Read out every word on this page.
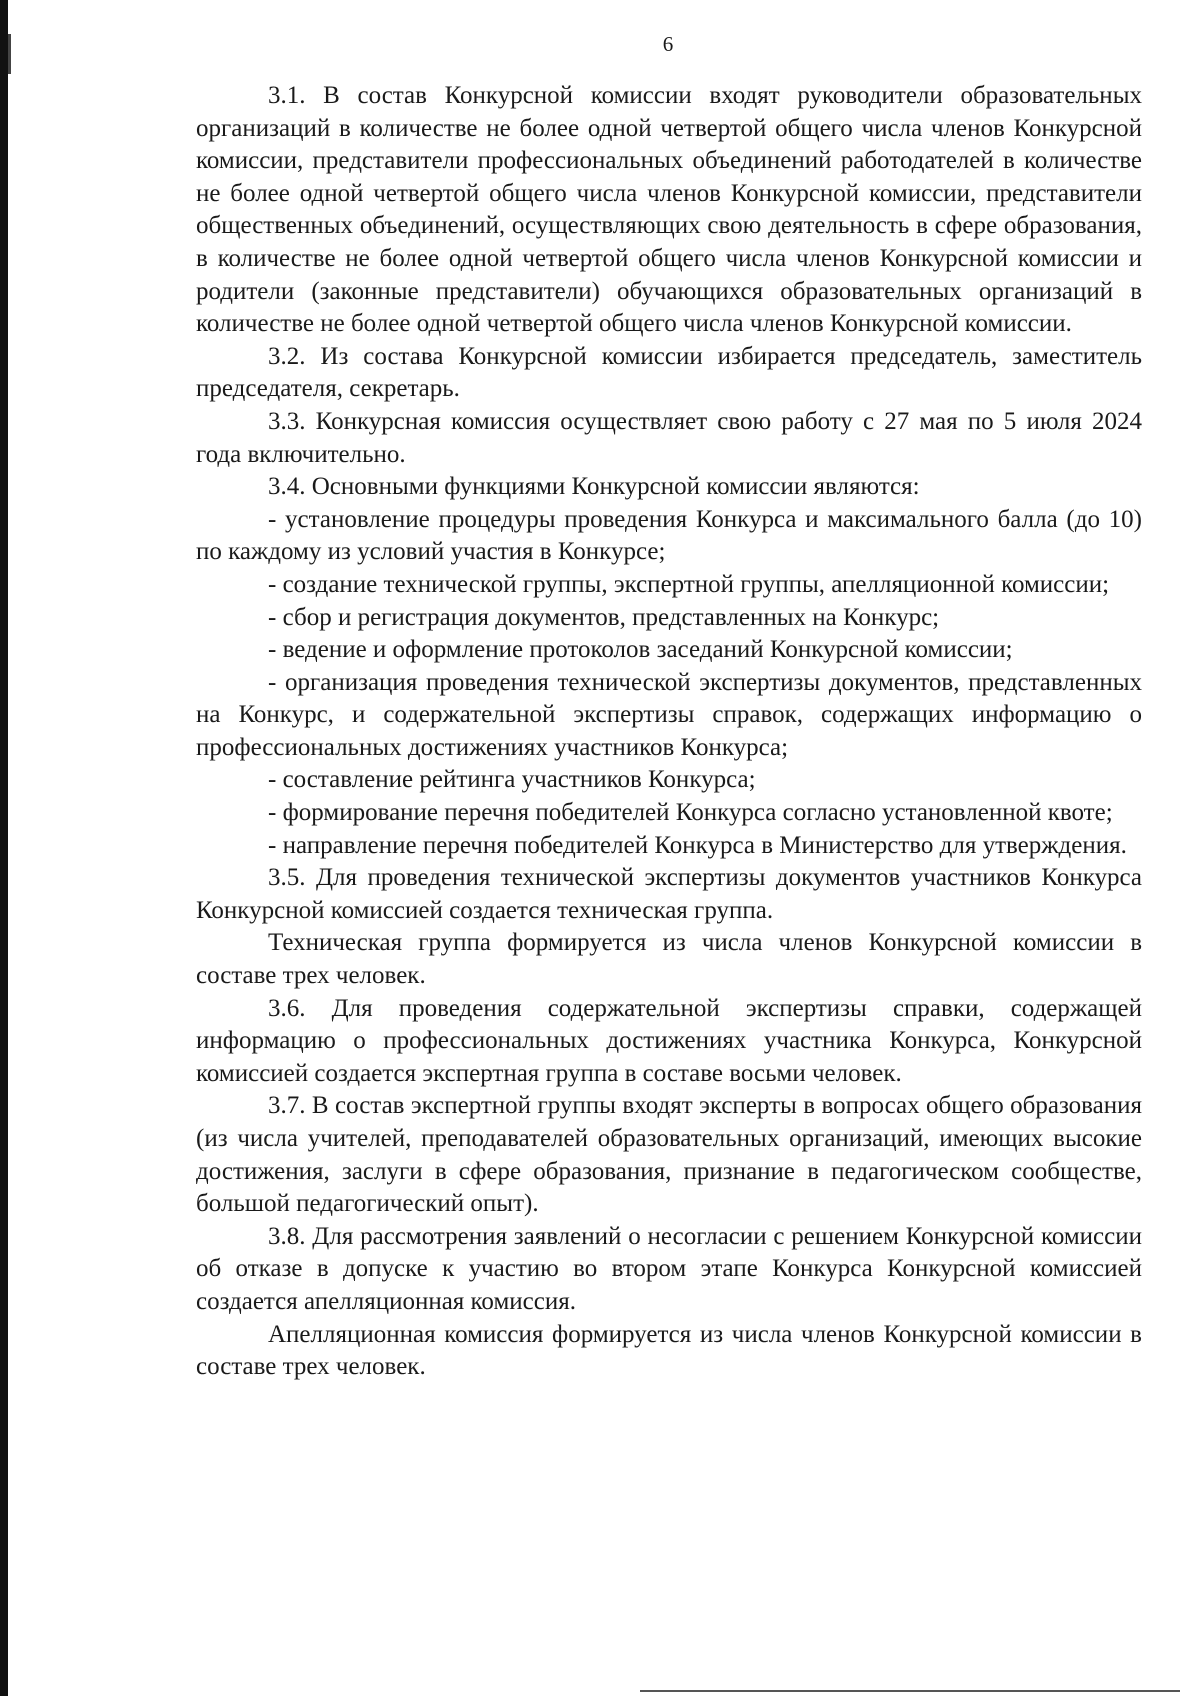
6

3.1. В состав Конкурсной комиссии входят руководители образовательных организаций в количестве не более одной четвертой общего числа членов Конкурсной комиссии, представители профессиональных объединений работодателей в количестве не более одной четвертой общего числа членов Конкурсной комиссии, представители общественных объединений, осуществляющих свою деятельность в сфере образования, в количестве не более одной четвертой общего числа членов Конкурсной комиссии и родители (законные представители) обучающихся образовательных организаций в количестве не более одной четвертой общего числа членов Конкурсной комиссии.

3.2. Из состава Конкурсной комиссии избирается председатель, заместитель председателя, секретарь.

3.3. Конкурсная комиссия осуществляет свою работу с 27 мая по 5 июля 2024 года включительно.

3.4. Основными функциями Конкурсной комиссии являются:

- установление процедуры проведения Конкурса и максимального балла (до 10) по каждому из условий участия в Конкурсе;

- создание технической группы, экспертной группы, апелляционной комиссии;

- сбор и регистрация документов, представленных на Конкурс;

- ведение и оформление протоколов заседаний Конкурсной комиссии;

- организация проведения технической экспертизы документов, представленных на Конкурс, и содержательной экспертизы справок, содержащих информацию о профессиональных достижениях участников Конкурса;

- составление рейтинга участников Конкурса;

- формирование перечня победителей Конкурса согласно установленной квоте;

- направление перечня победителей Конкурса в Министерство для утверждения.

3.5. Для проведения технической экспертизы документов участников Конкурса Конкурсной комиссией создается техническая группа.

Техническая группа формируется из числа членов Конкурсной комиссии в составе трех человек.

3.6. Для проведения содержательной экспертизы справки, содержащей информацию о профессиональных достижениях участника Конкурса, Конкурсной комиссией создается экспертная группа в составе восьми человек.

3.7. В состав экспертной группы входят эксперты в вопросах общего образования (из числа учителей, преподавателей образовательных организаций, имеющих высокие достижения, заслуги в сфере образования, признание в педагогическом сообществе, большой педагогический опыт).

3.8. Для рассмотрения заявлений о несогласии с решением Конкурсной комиссии об отказе в допуске к участию во втором этапе Конкурса Конкурсной комиссией создается апелляционная комиссия.

Апелляционная комиссия формируется из числа членов Конкурсной комиссии в составе трех человек.
